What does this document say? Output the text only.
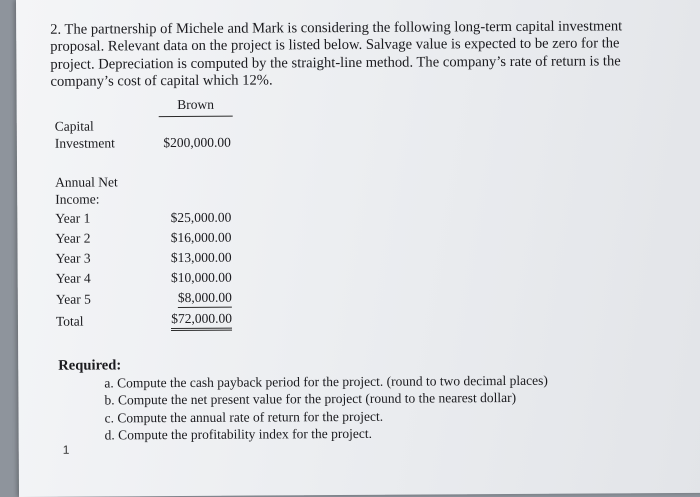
2. The partnership of Michele and Mark is considering the following long-term capital investment proposal. Relevant data on the project is listed below. Salvage value is expected to be zero for the project. Depreciation is computed by the straight-line method. The company’s rate of return is the company’s cost of capital which 12%.

Brown
Capital
Investment	$200,000.00
Annual Net
Income:
Year 1	$25,000.00
Year 2	$16,000.00
Year 3	$13,000.00
Year 4	$10,000.00
Year 5	$8,000.00
Total	$72,000.00
Required:
a. Compute the cash payback period for the project. (round to two decimal places)
b. Compute the net present value for the project (round to the nearest dollar)
c. Compute the annual rate of return for the project.
d. Compute the profitability index for the project.
1
